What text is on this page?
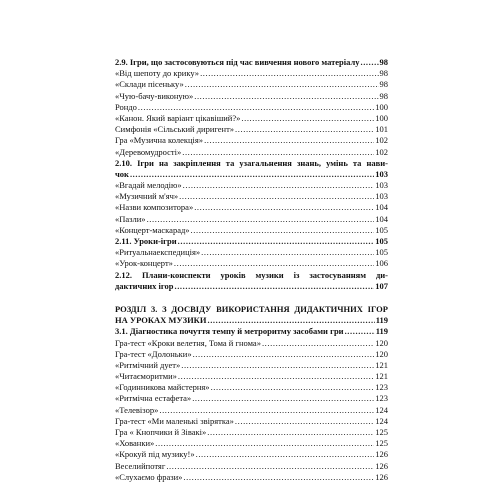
2.9. Ігри, що застосовуються під час вивчення нового матеріалу ..... 98
«Від шепоту до крику» .....	98
«Склади пісеньку» .....	98
«Чую-бачу-виконую» .....	98
Рондо .....	100
«Канон. Який варіант цікавіший?» .....	100
Симфонія «Сільський диригент» .....	101
Гра «Музична колекція» .....	102
«Деревомудрості» .....	102
2.10. Ігри на закріплення та узагальнення знань, умінь та нави-
чок .....	103
«Вгадай мелодію» .....	103
«Музичний м'яч» .....	103
«Назви композитора» .....	104
«Пазли» .....	104
«Концерт-маскарад» .....	105
2.11. Уроки-ігри .....	105
«Ритуальнаекспедиція» .....	105
«Урок-концерт» .....	106
2.12. Плани-конспекти уроків музики із застосуванням ди-
дактичних ігор .....	107
РОЗДІЛ 3. З ДОСВІДУ ВИКОРИСТАННЯ ДИДАКТИЧНИХ ІГОР
НА УРОКАХ МУЗИКИ .....	119
3.1. Діагностика почуття темпу й метроритму засобами гри .....	119
Гра-тест «Кроки велетня, Тома й гнома» .....	120
Гра-тест «Долоньки» .....	120
«Ритмічний дует» .....	121
«Читаєморитми» .....	121
«Годинникова майстерня» .....	123
«Ритмічна естафета» .....	123
«Телевізор» .....	124
Гра-тест «Ми маленькі звірятка» .....	124
Гра « Кнопчики й Зівакі» .....	125
«Хованки» .....	125
«Крокуй під музику!» .....	126
Веселийпотяг .....	126
«Слухаємо фрази» .....	126
